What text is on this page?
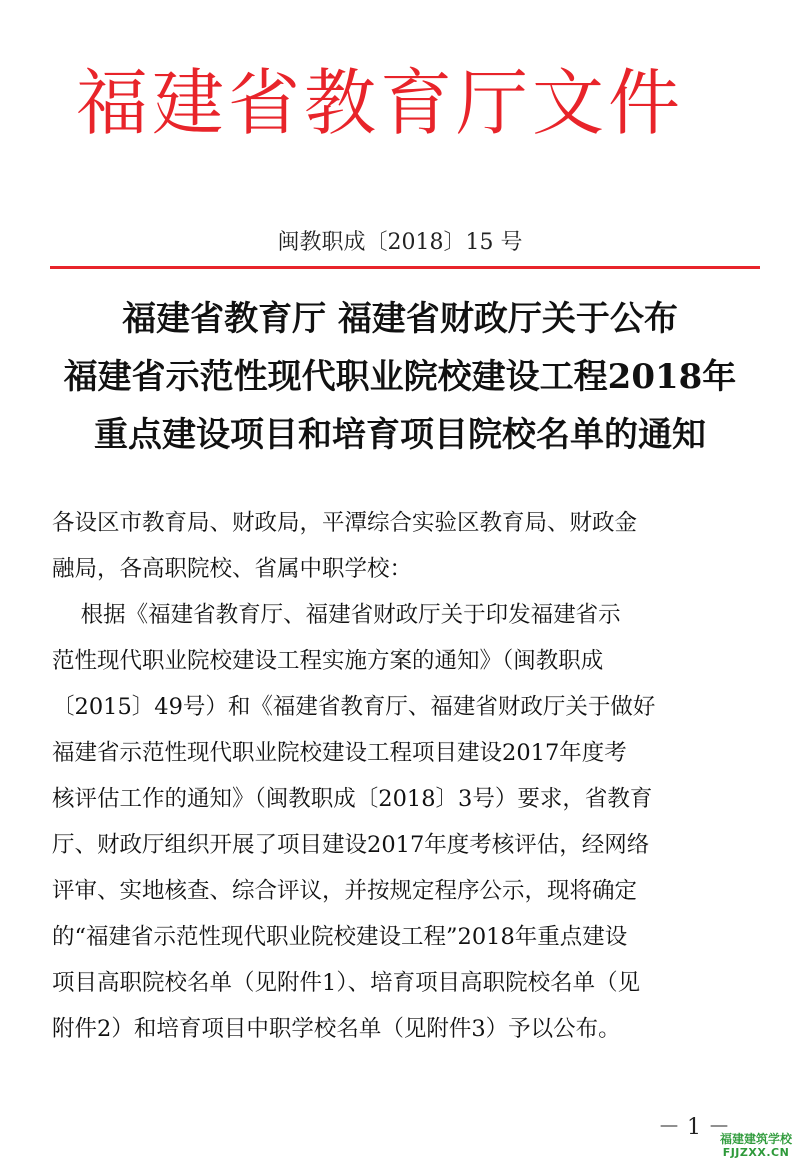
福建省教育厅文件
闽教职成〔2018〕15 号
福建省教育厅 福建省财政厅关于公布
福建省示范性现代职业院校建设工程2018年
重点建设项目和培育项目院校名单的通知
各设区市教育局、财政局，平潭综合实验区教育局、财政金
融局，各高职院校、省属中职学校：
根据《福建省教育厅、福建省财政厅关于印发福建省示
范性现代职业院校建设工程实施方案的通知》（闽教职成
〔2015〕49号）和《福建省教育厅、福建省财政厅关于做好
福建省示范性现代职业院校建设工程项目建设2017年度考
核评估工作的通知》（闽教职成〔2018〕3号）要求，省教育
厅、财政厅组织开展了项目建设2017年度考核评估，经网络
评审、实地核查、综合评议，并按规定程序公示，现将确定
的“福建省示范性现代职业院校建设工程”2018年重点建设
项目高职院校名单（见附件1）、培育项目高职院校名单（见
附件2）和培育项目中职学校名单（见附件3）予以公布。
－ 1 －
福建建筑学校
FJJZXX.CN
